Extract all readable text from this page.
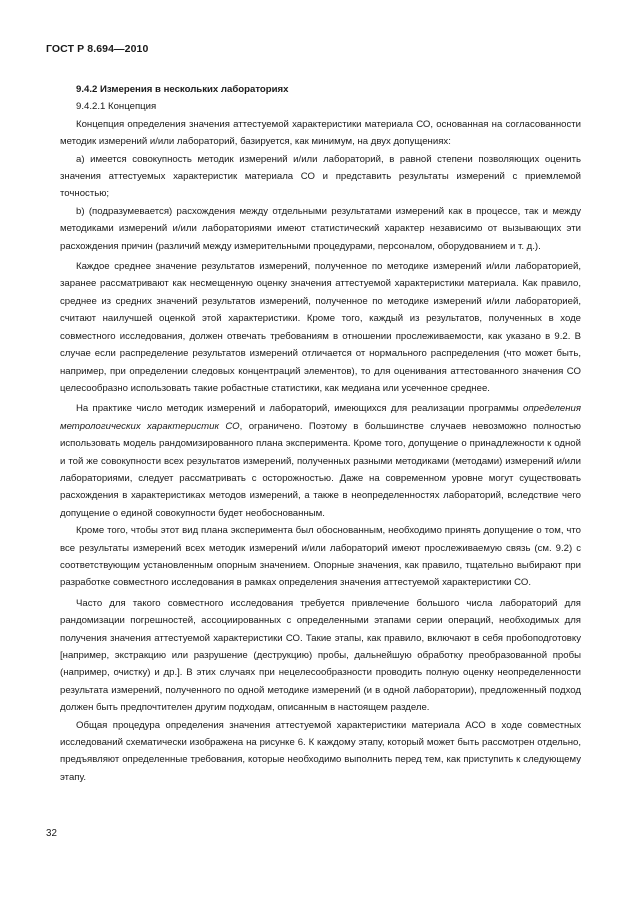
ГОСТ Р 8.694—2010

9.4.2 Измерения в нескольких лабораториях

9.4.2.1 Концепция

Концепция определения значения аттестуемой характеристики материала СО, основанная на согласованности методик измерений и/или лабораторий, базируется, как минимум, на двух допущениях:

а) имеется совокупность методик измерений и/или лабораторий, в равной степени позволяющих оценить значения аттестуемых характеристик материала СО и представить результаты измерений с приемлемой точностью;

b) (подразумевается) расхождения между отдельными результатами измерений как в процессе, так и между методиками измерений и/или лабораториями имеют статистический характер независимо от вызывающих эти расхождения причин (различий между измерительными процедурами, персоналом, оборудованием и т. д.).

Каждое среднее значение результатов измерений, полученное по методике измерений и/или лабораторией, заранее рассматривают как несмещенную оценку значения аттестуемой характеристики материала. Как правило, среднее из средних значений результатов измерений, полученное по методике измерений и/или лабораторией, считают наилучшей оценкой этой характеристики. Кроме того, каждый из результатов, полученных в ходе совместного исследования, должен отвечать требованиям в отношении прослеживаемости, как указано в 9.2. В случае если распределение результатов измерений отличается от нормального распределения (что может быть, например, при определении следовых концентраций элементов), то для оценивания аттестованного значения СО целесообразно использовать такие робастные статистики, как медиана или усеченное среднее.

На практике число методик измерений и лабораторий, имеющихся для реализации программы определения метрологических характеристик СО, ограничено. Поэтому в большинстве случаев невозможно полностью использовать модель рандомизированного плана эксперимента. Кроме того, допущение о принадлежности к одной и той же совокупности всех результатов измерений, полученных разными методиками (методами) измерений и/или лабораториями, следует рассматривать с осторожностью. Даже на современном уровне могут существовать расхождения в характеристиках методов измерений, а также в неопределенностях лабораторий, вследствие чего допущение о единой совокупности будет необоснованным.

Кроме того, чтобы этот вид плана эксперимента был обоснованным, необходимо принять допущение о том, что все результаты измерений всех методик измерений и/или лабораторий имеют прослеживаемую связь (см. 9.2) с соответствующим установленным опорным значением. Опорные значения, как правило, тщательно выбирают при разработке совместного исследования в рамках определения значения аттестуемой характеристики СО.

Часто для такого совместного исследования требуется привлечение большого числа лабораторий для рандомизации погрешностей, ассоциированных с определенными этапами серии операций, необходимых для получения значения аттестуемой характеристики СО. Такие этапы, как правило, включают в себя пробоподготовку [например, экстракцию или разрушение (деструкцию) пробы, дальнейшую обработку преобразованной пробы (например, очистку) и др.]. В этих случаях при нецелесообразности проводить полную оценку неопределенности результата измерений, полученного по одной методике измерений (и в одной лаборатории), предложенный подход должен быть предпочтителен другим подходам, описанным в настоящем разделе.

Общая процедура определения значения аттестуемой характеристики материала АСО в ходе совместных исследований схематически изображена на рисунке 6. К каждому этапу, который может быть рассмотрен отдельно, предъявляют определенные требования, которые необходимо выполнить перед тем, как приступить к следующему этапу.

32
